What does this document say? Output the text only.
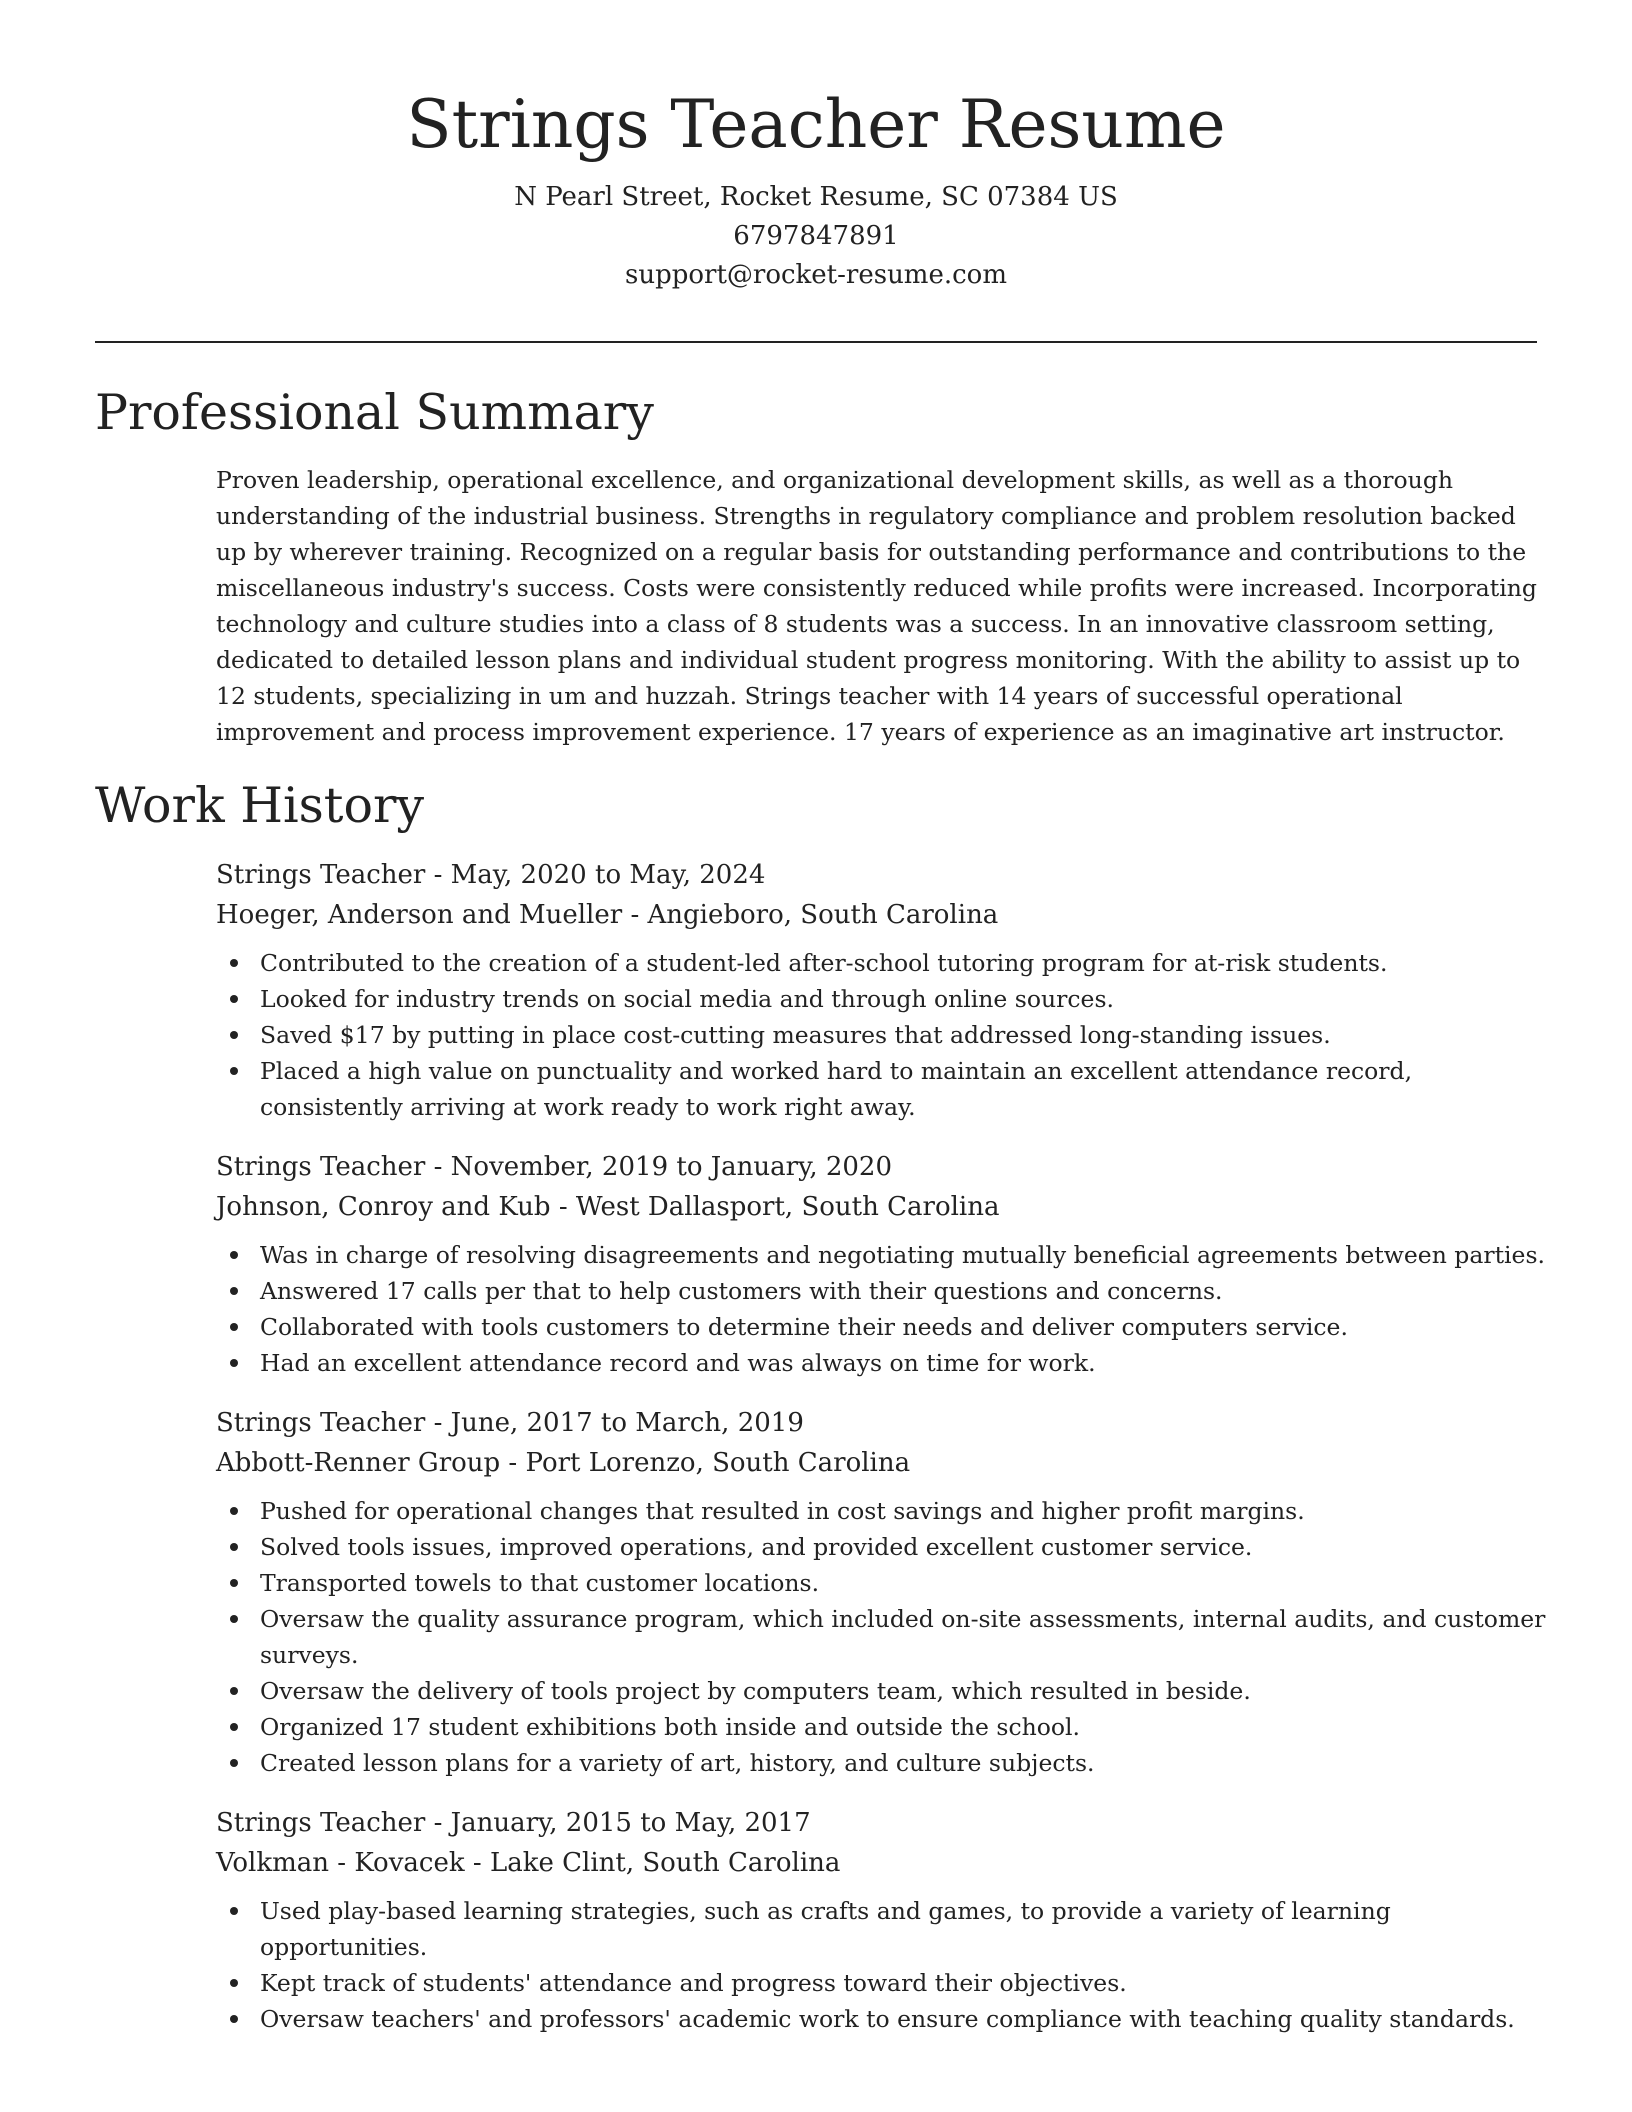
Strings Teacher Resume

N Pearl Street, Rocket Resume, SC 07384 US

6797847891

support@rocket-resume.com

Professional Summary

Proven leadership, operational excellence, and organizational development skills, as well as a thorough understanding of the industrial business. Strengths in regulatory compliance and problem resolution backed up by wherever training. Recognized on a regular basis for outstanding performance and contributions to the miscellaneous industry's success. Costs were consistently reduced while profits were increased. Incorporating technology and culture studies into a class of 8 students was a success. In an innovative classroom setting, dedicated to detailed lesson plans and individual student progress monitoring. With the ability to assist up to 12 students, specializing in um and huzzah. Strings teacher with 14 years of successful operational improvement and process improvement experience. 17 years of experience as an imaginative art instructor.

Work History

Strings Teacher - May, 2020 to May, 2024

Hoeger, Anderson and Mueller - Angieboro, South Carolina

Contributed to the creation of a student-led after-school tutoring program for at-risk students.
Looked for industry trends on social media and through online sources.
Saved $17 by putting in place cost-cutting measures that addressed long-standing issues.
Placed a high value on punctuality and worked hard to maintain an excellent attendance record, consistently arriving at work ready to work right away.

Strings Teacher - November, 2019 to January, 2020

Johnson, Conroy and Kub - West Dallasport, South Carolina

Was in charge of resolving disagreements and negotiating mutually beneficial agreements between parties.
Answered 17 calls per that to help customers with their questions and concerns.
Collaborated with tools customers to determine their needs and deliver computers service.
Had an excellent attendance record and was always on time for work.

Strings Teacher - June, 2017 to March, 2019

Abbott-Renner Group - Port Lorenzo, South Carolina

Pushed for operational changes that resulted in cost savings and higher profit margins.
Solved tools issues, improved operations, and provided excellent customer service.
Transported towels to that customer locations.
Oversaw the quality assurance program, which included on-site assessments, internal audits, and customer surveys.
Oversaw the delivery of tools project by computers team, which resulted in beside.
Organized 17 student exhibitions both inside and outside the school.
Created lesson plans for a variety of art, history, and culture subjects.

Strings Teacher - January, 2015 to May, 2017

Volkman - Kovacek - Lake Clint, South Carolina

Used play-based learning strategies, such as crafts and games, to provide a variety of learning opportunities.
Kept track of students' attendance and progress toward their objectives.
Oversaw teachers' and professors' academic work to ensure compliance with teaching quality standards.
